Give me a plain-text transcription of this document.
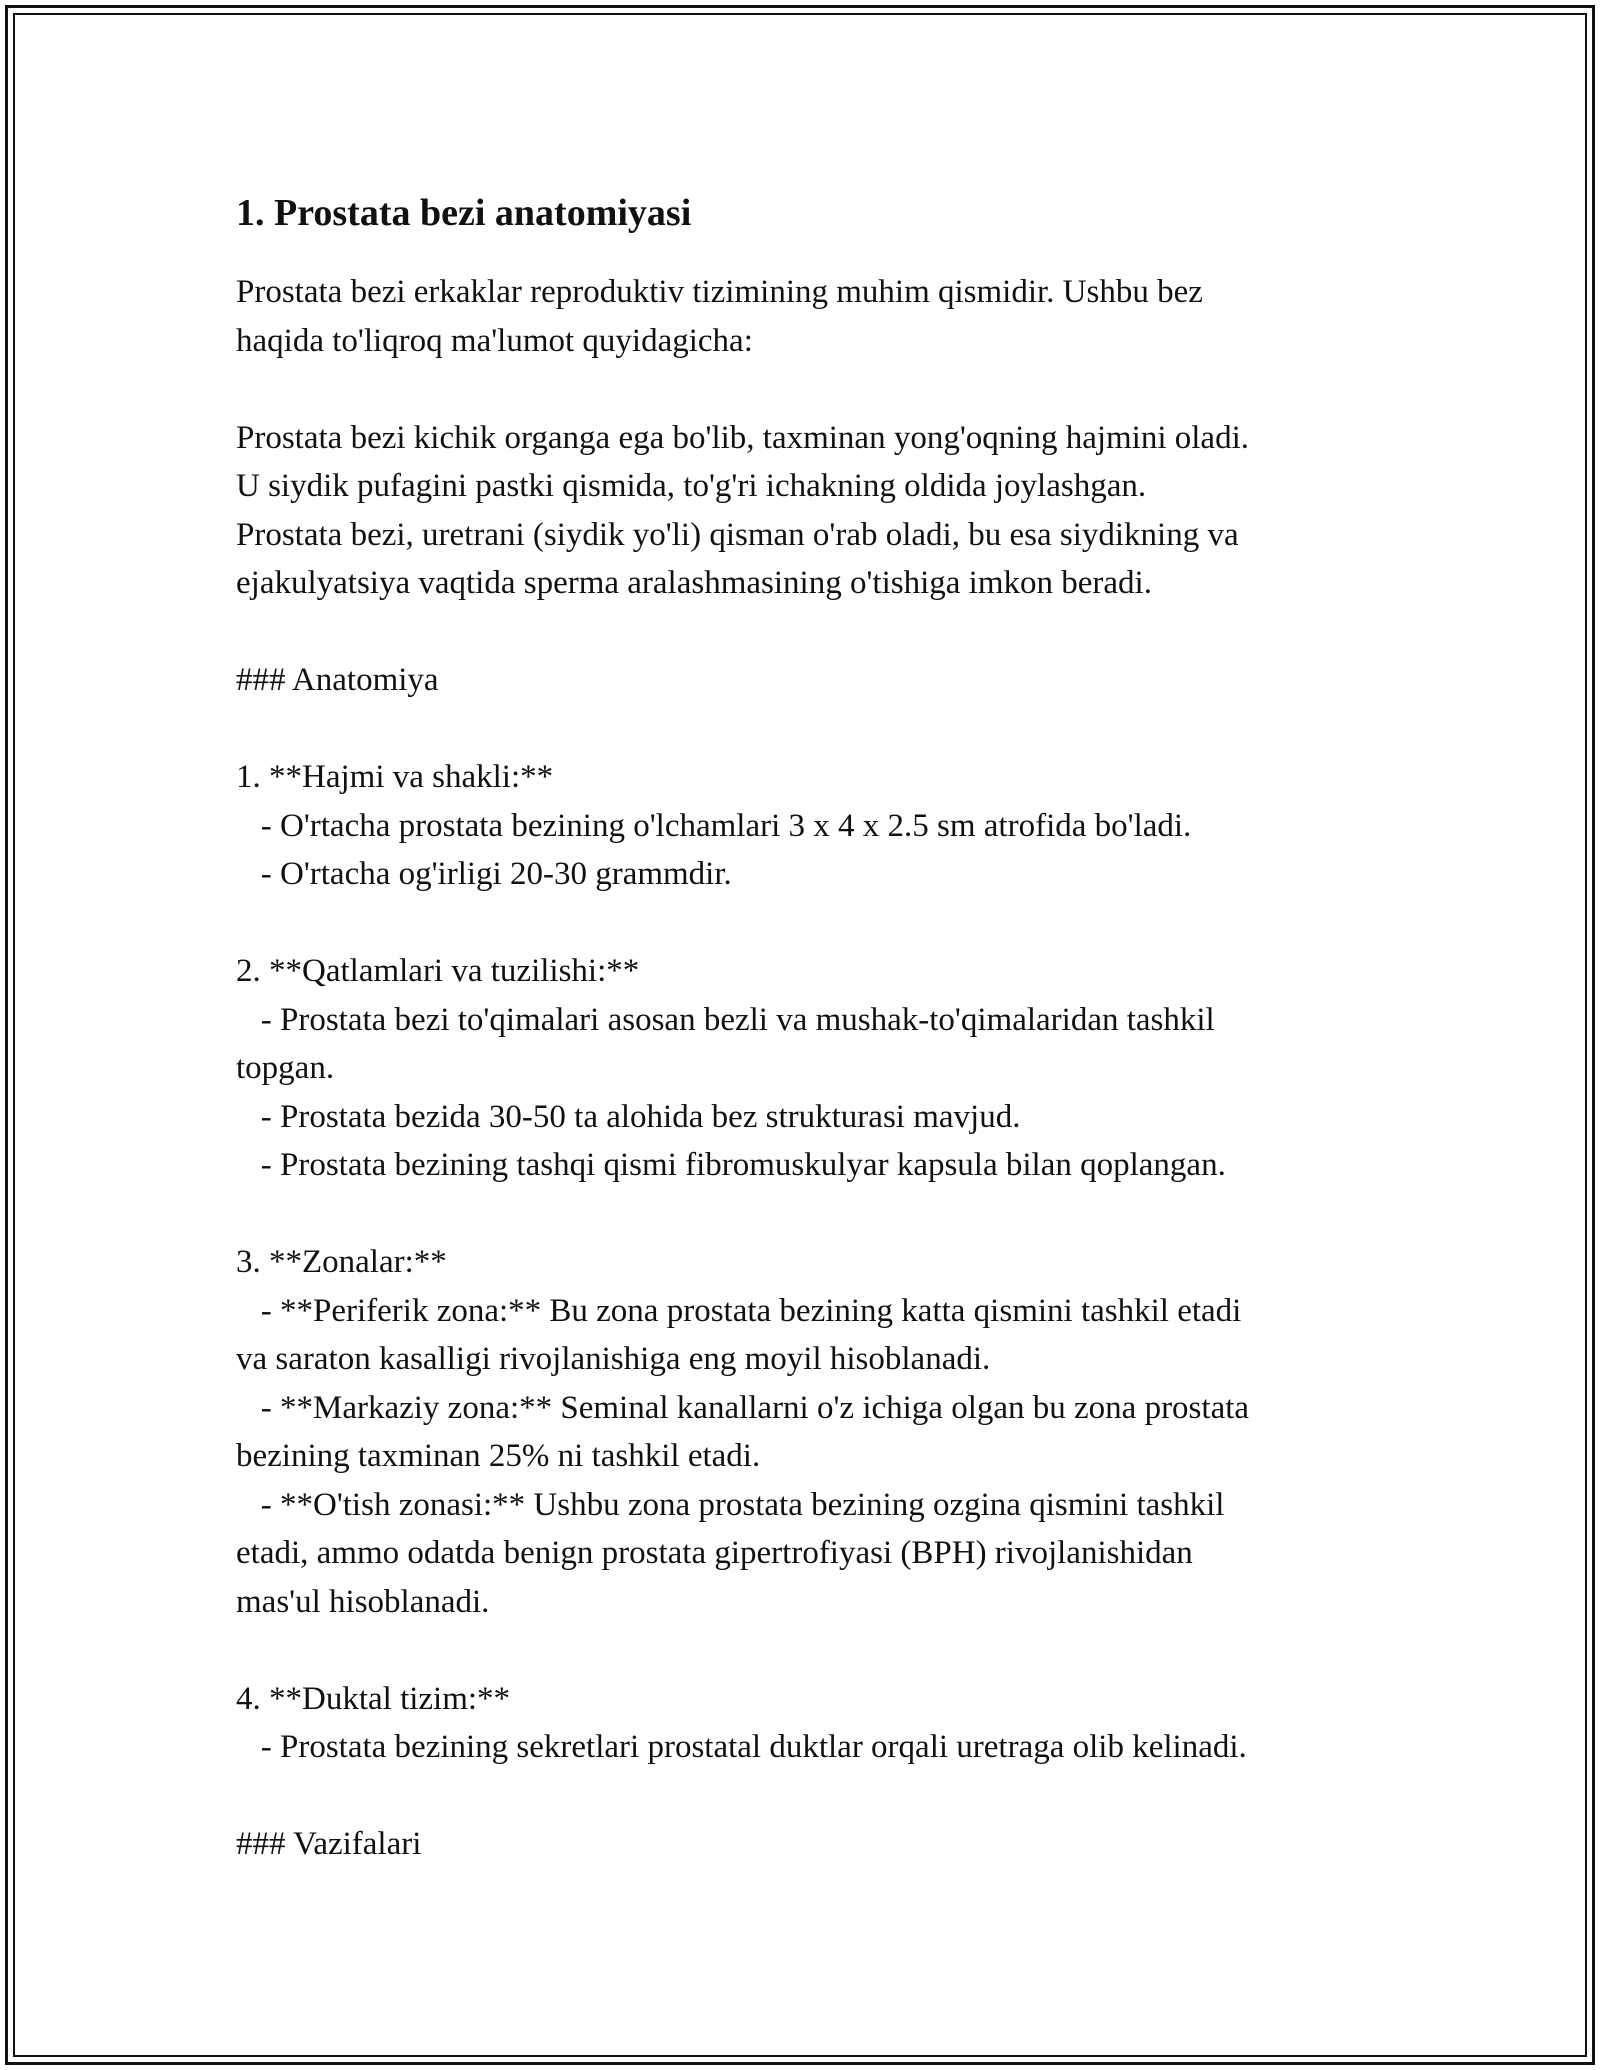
1. Prostata bezi anatomiyasi

Prostata bezi erkaklar reproduktiv tizimining muhim qismidir. Ushbu bez

haqida to'liqroq ma'lumot quyidagicha:

Prostata bezi kichik organga ega bo'lib, taxminan yong'oqning hajmini oladi.

U siydik pufagini pastki qismida, to'g'ri ichakning oldida joylashgan.

Prostata bezi, uretrani (siydik yo'li) qisman o'rab oladi, bu esa siydikning va

ejakulyatsiya vaqtida sperma aralashmasining o'tishiga imkon beradi.

### Anatomiya

1. **Hajmi va shakli:**

- O'rtacha prostata bezining o'lchamlari 3 x 4 x 2.5 sm atrofida bo'ladi.

- O'rtacha og'irligi 20-30 grammdir.

2. **Qatlamlari va tuzilishi:**

- Prostata bezi to'qimalari asosan bezli va mushak-to'qimalaridan tashkil

topgan.

- Prostata bezida 30-50 ta alohida bez strukturasi mavjud.

- Prostata bezining tashqi qismi fibromuskulyar kapsula bilan qoplangan.

3. **Zonalar:**

- **Periferik zona:** Bu zona prostata bezining katta qismini tashkil etadi

va saraton kasalligi rivojlanishiga eng moyil hisoblanadi.

- **Markaziy zona:** Seminal kanallarni o'z ichiga olgan bu zona prostata

bezining taxminan 25% ni tashkil etadi.

- **O'tish zonasi:** Ushbu zona prostata bezining ozgina qismini tashkil

etadi, ammo odatda benign prostata gipertrofiyasi (BPH) rivojlanishidan

mas'ul hisoblanadi.

4. **Duktal tizim:**

- Prostata bezining sekretlari prostatal duktlar orqali uretraga olib kelinadi.

### Vazifalari
